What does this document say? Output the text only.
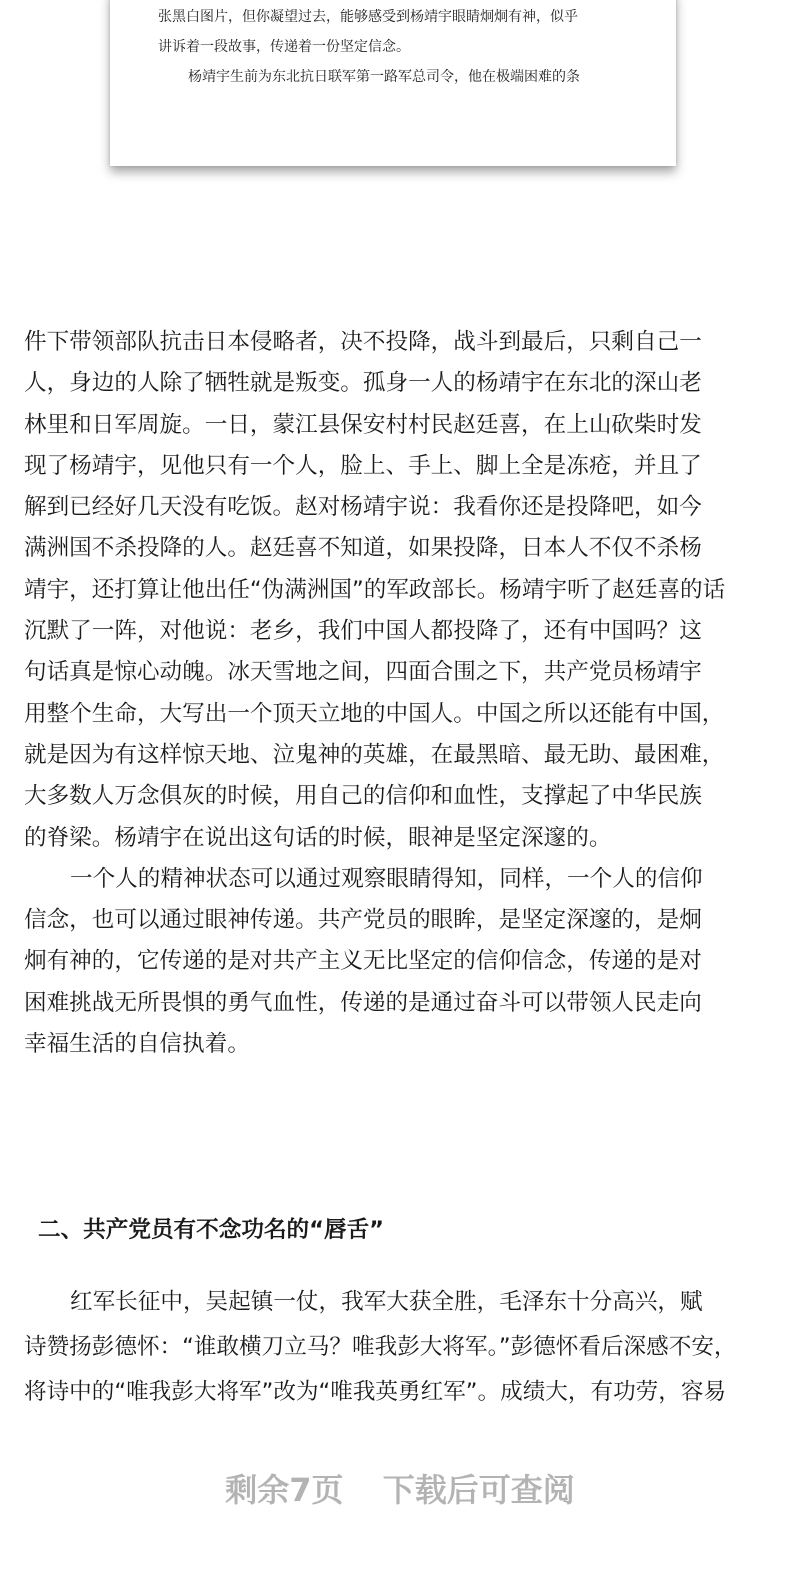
张黑白图片，但你凝望过去，能够感受到杨靖宇眼睛炯炯有神，似乎

讲诉着一段故事，传递着一份坚定信念。

杨靖宇生前为东北抗日联军第一路军总司令，他在极端困难的条

件下带领部队抗击日本侵略者，决不投降，战斗到最后，只剩自己一

人，身边的人除了牺牲就是叛变。孤身一人的杨靖宇在东北的深山老

林里和日军周旋。一日，蒙江县保安村村民赵廷喜，在上山砍柴时发

现了杨靖宇，见他只有一个人，脸上、手上、脚上全是冻疮，并且了

解到已经好几天没有吃饭。赵对杨靖宇说：我看你还是投降吧，如今

满洲国不杀投降的人。赵廷喜不知道，如果投降，日本人不仅不杀杨

靖宇，还打算让他出任“伪满洲国”的军政部长。杨靖宇听了赵廷喜的话

沉默了一阵，对他说：老乡，我们中国人都投降了，还有中国吗？这

句话真是惊心动魄。冰天雪地之间，四面合围之下，共产党员杨靖宇

用整个生命，大写出一个顶天立地的中国人。中国之所以还能有中国，

就是因为有这样惊天地、泣鬼神的英雄，在最黑暗、最无助、最困难，

大多数人万念俱灰的时候，用自己的信仰和血性，支撑起了中华民族

的脊梁。杨靖宇在说出这句话的时候，眼神是坚定深邃的。

一个人的精神状态可以通过观察眼睛得知，同样，一个人的信仰

信念，也可以通过眼神传递。共产党员的眼眸，是坚定深邃的，是炯

炯有神的，它传递的是对共产主义无比坚定的信仰信念，传递的是对

困难挑战无所畏惧的勇气血性，传递的是通过奋斗可以带领人民走向

幸福生活的自信执着。

二、共产党员有不念功名的“唇舌”

红军长征中，吴起镇一仗，我军大获全胜，毛泽东十分高兴，赋

诗赞扬彭德怀：“谁敢横刀立马？唯我彭大将军。”彭德怀看后深感不安，

将诗中的“唯我彭大将军”改为“唯我英勇红军”。成绩大，有功劳，容易

剩余7页 下载后可查阅
